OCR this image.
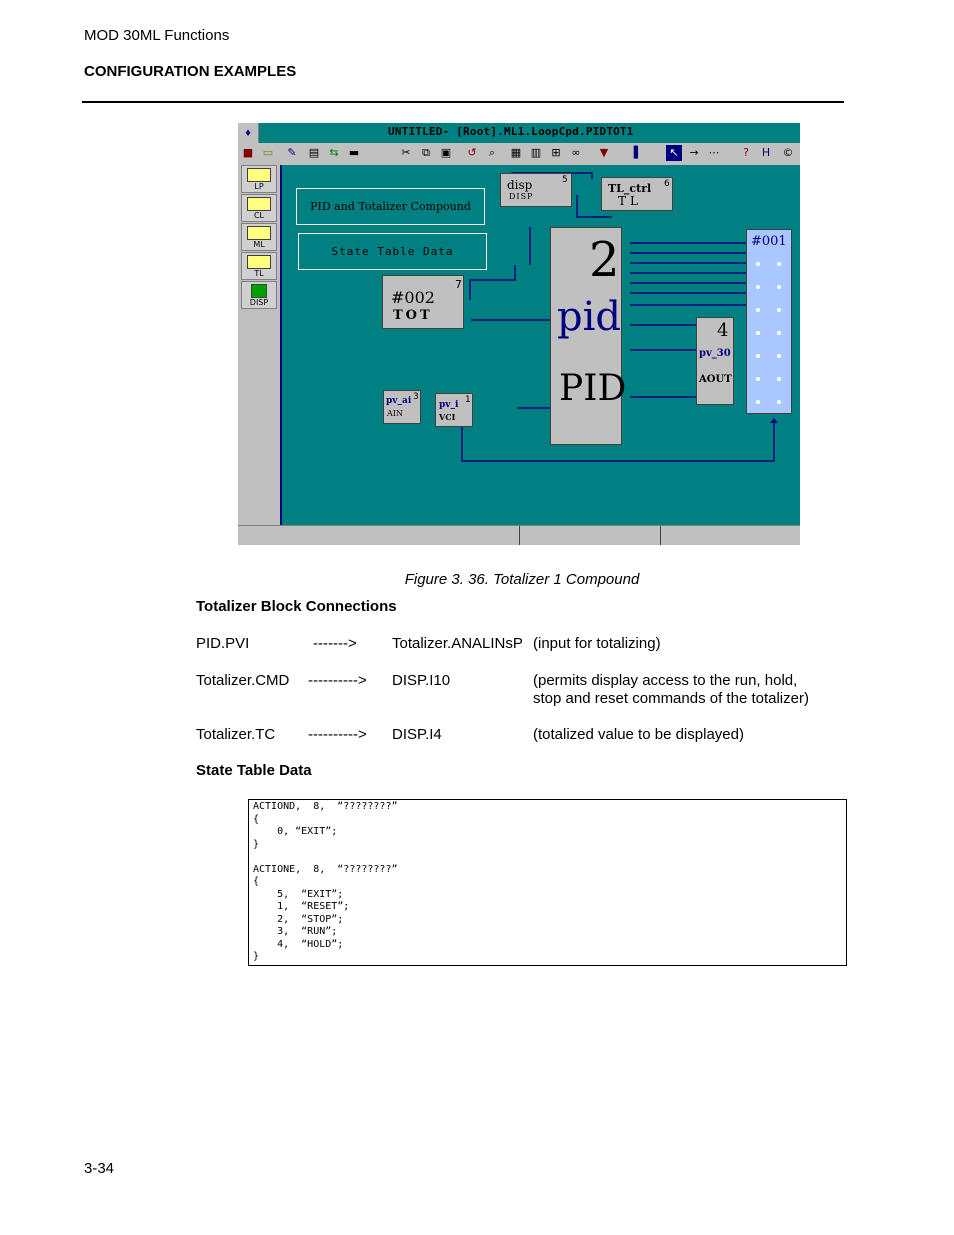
MOD 30ML Functions
CONFIGURATION EXAMPLES
♦	UNTITLED- [Root].ML1.LoopCpd.PIDTOT1
■ ▭	✎	▤ ⇆ ▬	✂	⧉ ▣	↺	⌕	▦ ▥ ⊞ ∞	▼	▌	↖ → ⋯	?	H	©
LP
CL
ML
TL
DISP
PID and Totalizer Compound
State Table Data
disp
DISP
5
TL_ctrl
TL
6
#002
TOT
7	2
pid
PID
4
pv_30
AOUT
#001
pv_ai
AIN
3
pv_i
VCI
1
Figure 3. 36. Totalizer 1 Compound
Totalizer Block Connections
PID.PVI	-------> Totalizer.ANALINsP (input for totalizing)
Totalizer.CMD ----------> DISP.I10	(permits display access to the run, hold,
stop and reset commands of the totalizer)
Totalizer.TC ----------> DISP.I4	(totalized value to be displayed)
State Table Data
ACTIOND,  8,  “????????”
{
0, “EXIT”;
}

ACTIONE,  8,  “????????”
{
5,  “EXIT”;
1,  “RESET”;
2,  “STOP”;
3,  “RUN”;
4,  “HOLD”;
}
3-34
